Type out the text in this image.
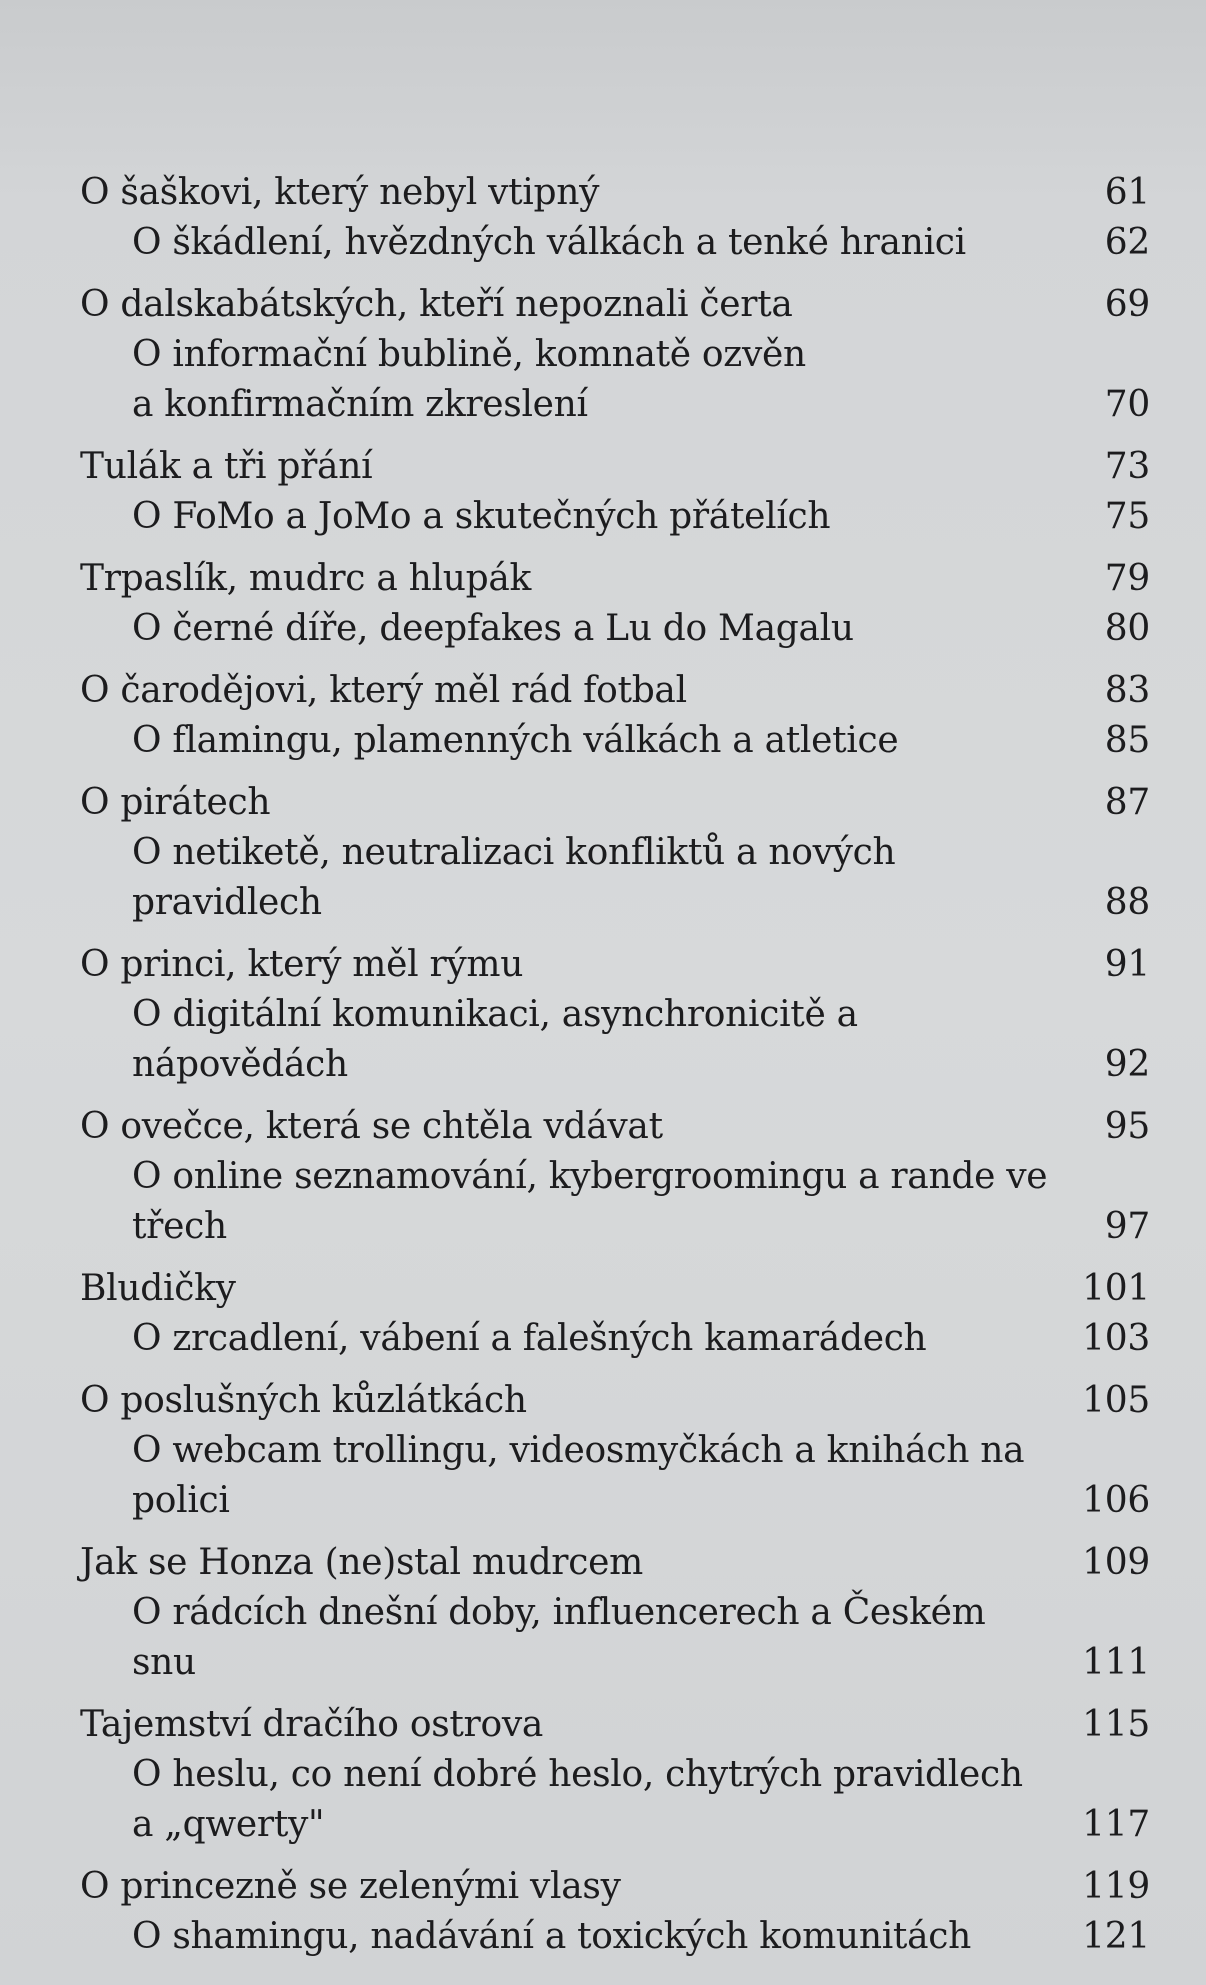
O šaškovi, který nebyl vtipný	61
O škádlení, hvězdných válkách a tenké hranici	62
O dalskabátských, kteří nepoznali čerta	69
O informační bublině, komnatě ozvěn
a konfirmačním zkreslení	70
Tulák a tři přání	73
O FoMo a JoMo a skutečných přátelích	75
Trpaslík, mudrc a hlupák	79
O černé díře, deepfakes a Lu do Magalu	80
O čarodějovi, který měl rád fotbal	83
O flamingu, plamenných válkách a atletice	85
O pirátech	87
O netiketě, neutralizaci konfliktů a nových pravidlech	88
O princi, který měl rýmu	91
O digitální komunikaci, asynchronicitě a nápovědách	92
O ovečce, která se chtěla vdávat	95
O online seznamování, kybergroomingu a rande ve třech	97
Bludičky	101
O zrcadlení, vábení a falešných kamarádech	103
O poslušných kůzlátkách	105
O webcam trollingu, videosmyčkách a knihách na polici	106
Jak se Honza (ne)stal mudrcem	109
O rádcích dnešní doby, influencerech a Českém snu	111
Tajemství dračího ostrova	115
O heslu, co není dobré heslo, chytrých pravidlech
a „qwerty"	117
O princezně se zelenými vlasy	119
O shamingu, nadávání a toxických komunitách	121
